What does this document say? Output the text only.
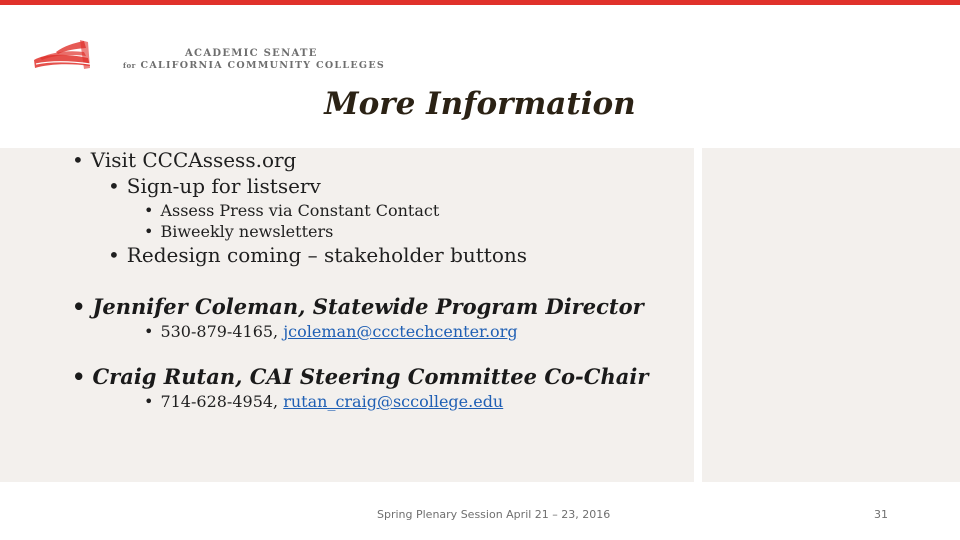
ACADEMIC SENATE
for CALIFORNIA COMMUNITY COLLEGES
More Information
• Visit CCCAssess.org
• Sign-up for listserv
• Assess Press via Constant Contact
• Biweekly newsletters
• Redesign coming – stakeholder buttons
• Jennifer Coleman, Statewide Program Director
• 530-879-4165, jcoleman@ccctechcenter.org
• Craig Rutan, CAI Steering Committee Co-Chair
• 714-628-4954, rutan_craig@sccollege.edu
Spring Plenary Session April 21 – 23, 2016	31
